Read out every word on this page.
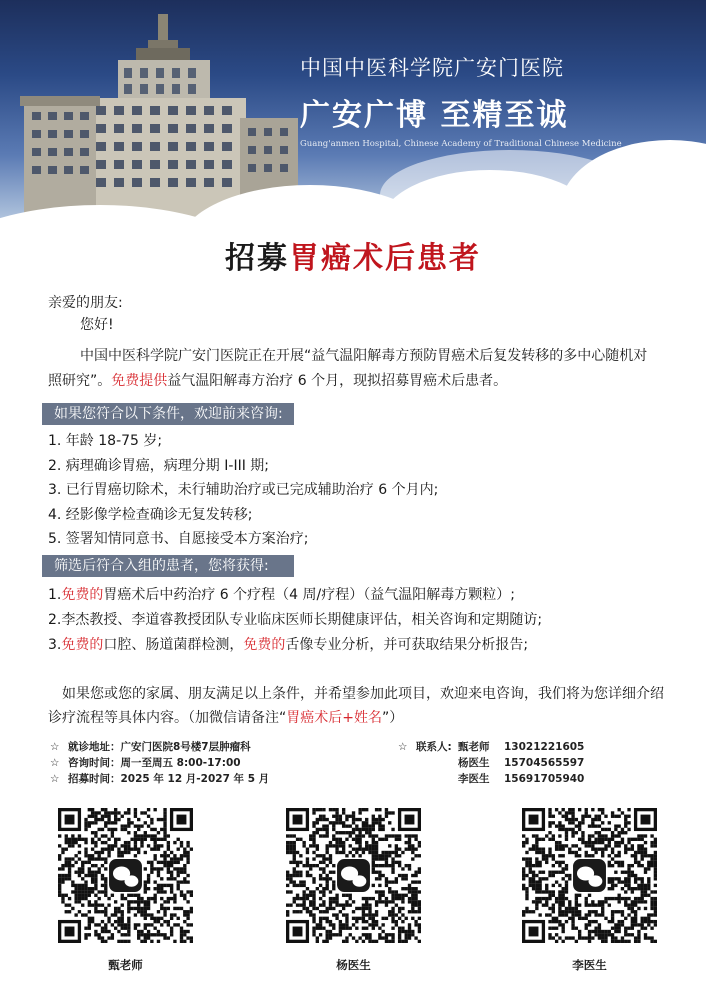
中国中医科学院广安门医院
广安广博 至精至诚
Guang'anmen Hospital, Chinese Academy of Traditional Chinese Medicine
招募胃癌术后患者
亲爱的朋友:
您好!
中国中医科学院广安门医院正在开展“益气温阳解毒方预防胃癌术后复发转移的多中心随机对
照研究”。免费提供益气温阳解毒方治疗 6 个月，现拟招募胃癌术后患者。
如果您符合以下条件，欢迎前来咨询:
1. 年龄 18-75 岁;
2. 病理确诊胃癌，病理分期 I-III 期;
3. 已行胃癌切除术，未行辅助治疗或已完成辅助治疗 6 个月内;
4. 经影像学检查确诊无复发转移;
5. 签署知情同意书、自愿接受本方案治疗;
筛选后符合入组的患者，您将获得:
1.免费的胃癌术后中药治疗 6 个疗程（4 周/疗程）（益气温阳解毒方颗粒）;
2.李杰教授、李道睿教授团队专业临床医师长期健康评估，相关咨询和定期随访;
3.免费的口腔、肠道菌群检测，免费的舌像专业分析，并可获取结果分析报告;
如果您或您的家属、朋友满足以上条件，并希望参加此项目，欢迎来电咨询，我们将为您详细介绍
诊疗流程等具体内容。（加微信请备注“胃癌术后+姓名”）
☆ 就诊地址：广安门医院8号楼7层肿瘤科
☆ 咨询时间：周一至周五 8:00-17:00
☆ 招募时间：2025 年 12 月-2027 年 5 月
☆ 联系人: 甄老师 13021221605
杨医生 15704565597
李医生 15691705940
甄老师	杨医生	李医生
